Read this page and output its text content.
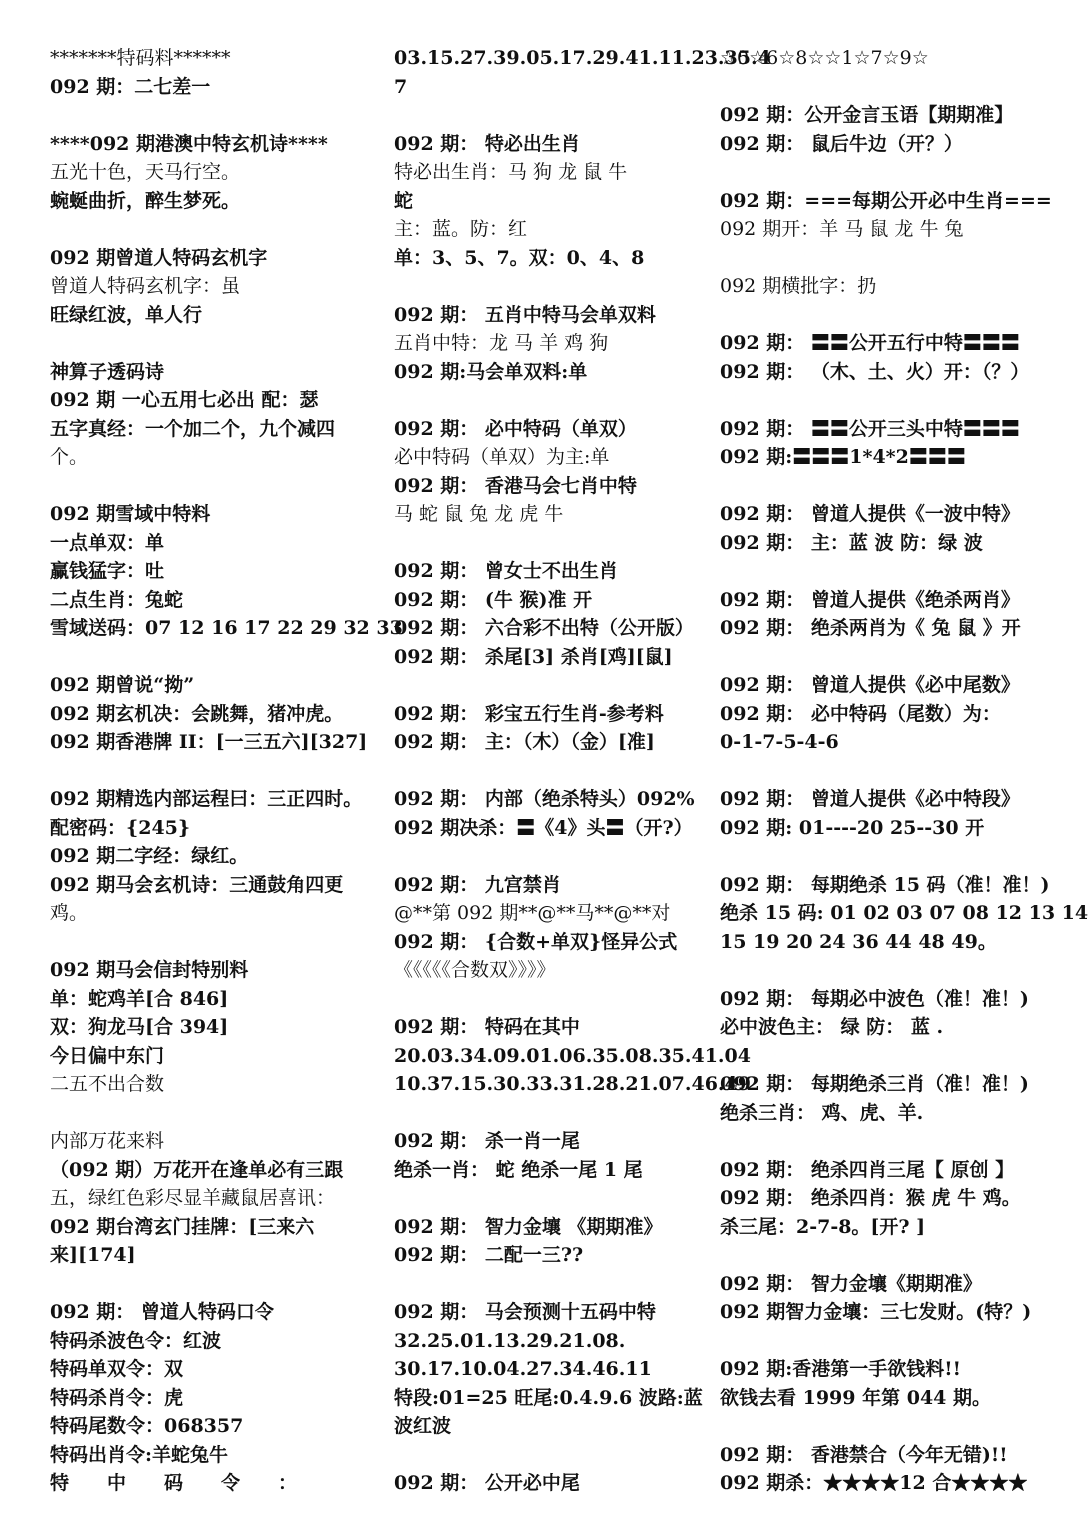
*******特码料******
092 期：二七差一
****092 期港澳中特玄机诗****
五光十色，天马行空。
蜿蜒曲折，醉生梦死。
092 期曾道人特码玄机字
曾道人特码玄机字：虽
旺绿红波，单人行
神算子透码诗
092 期 一心五用七必出 配：瑟
五字真经：一个加二个，九个减四
个。
092 期雪域中特料
一点单双：单
赢钱猛字：吐
二点生肖：兔蛇
雪域送码：07 12 16 17 22 29 32 33
092 期曾说“拗”
092 期玄机决：会跳舞，猪冲虎。
092 期香港牌 II：[一三五六][327]
092 期精选内部运程曰：三正四时。
配密码：{245}
092 期二字经：绿红。
092 期马会玄机诗：三通鼓角四更
鸡。
092 期马会信封特别料
单：蛇鸡羊[合 846]
双：狗龙马[合 394]
今日偏中东门
二五不出合数
内部万花来料
（092 期）万花开在逢单必有三跟
五，绿红色彩尽显羊藏鼠居喜讯：
092 期台湾玄门挂牌：[三来六
来][174]
092 期： 曾道人特码口令
特码杀波色令：红波
特码单双令：双
特码杀肖令：虎
特码尾数令：068357
特码出肖令:羊蛇兔牛
特　　中　　码　　令　　：
03.15.27.39.05.17.29.41.11.23.35.4
7
092 期： 特必出生肖
特必出生肖：马 狗 龙 鼠 牛
蛇
主：蓝。防：红
单：3、5、7。双：0、4、8
092 期： 五肖中特马会单双料
五肖中特：龙 马 羊 鸡 狗
092 期:马会单双料:单
092 期： 必中特码（单双）
必中特码（单双）为主:单
092 期： 香港马会七肖中特
马 蛇 鼠 兔 龙 虎 牛
092 期： 曾女士不出生肖
092 期： (牛 猴)准 开
092 期： 六合彩不出特（公开版）
092 期： 杀尾[3] 杀肖[鸡][鼠]
092 期： 彩宝五行生肖-参考料
092 期： 主：（木）（金）[准]
092 期： 内部（绝杀特头）092%
092 期决杀：〓《4》头〓（开?）
092 期： 九宫禁肖
@**第 092 期**@**马**@**对
092 期： {合数+单双}怪异公式
《《《《《合数双》》》》
092 期： 特码在其中
20.03.34.09.01.06.35.08.35.41.04
10.37.15.30.33.31.28.21.07.46.49
092 期： 杀一肖一尾
绝杀一肖： 蛇 绝杀一尾 1 尾
092 期： 智力金壤 《期期准》
092 期： 二配一三??
092 期： 马会预测十五码中特
32.25.01.13.29.21.08.
30.17.10.04.27.34.46.11
特段:01=25 旺尾:0.4.9.6 波路:蓝
波红波
092 期： 公开必中尾
☆0☆6☆8☆☆1☆7☆9☆
092 期：公开金言玉语【期期准】
092 期： 鼠后牛边（开？）
092 期：===每期公开必中生肖===
092 期开：羊 马 鼠 龙 牛 兔
092 期横批字：扔
092 期： 〓〓公开五行中特〓〓〓
092 期： （木、土、火）开：（？）
092 期： 〓〓公开三头中特〓〓〓
092 期:〓〓〓1*4*2〓〓〓
092 期： 曾道人提供《一波中特》
092 期： 主：蓝 波 防：绿 波
092 期： 曾道人提供《绝杀两肖》
092 期： 绝杀两肖为《 兔 鼠 》开
092 期： 曾道人提供《必中尾数》
092 期： 必中特码（尾数）为：
0-1-7-5-4-6
092 期： 曾道人提供《必中特段》
092 期: 01----20 25--30 开
092 期： 每期绝杀 15 码（准！准！)
绝杀 15 码: 01 02 03 07 08 12 13 14
15 19 20 24 36 44 48 49。
092 期： 每期必中波色（准！准！)
必中波色主： 绿 防： 蓝 .
092 期： 每期绝杀三肖（准！准！)
绝杀三肖： 鸡、虎、羊.
092 期： 绝杀四肖三尾【 原创 】
092 期： 绝杀四肖：猴 虎 牛 鸡。
杀三尾：2-7-8。[开? ]
092 期： 智力金壤《期期准》
092 期智力金壤：三七发财。(特？)
092 期:香港第一手欲钱料!!
欲钱去看 1999 年第 044 期。
092 期： 香港禁合（今年无错)!!
092 期杀：★★★★12 合★★★★
